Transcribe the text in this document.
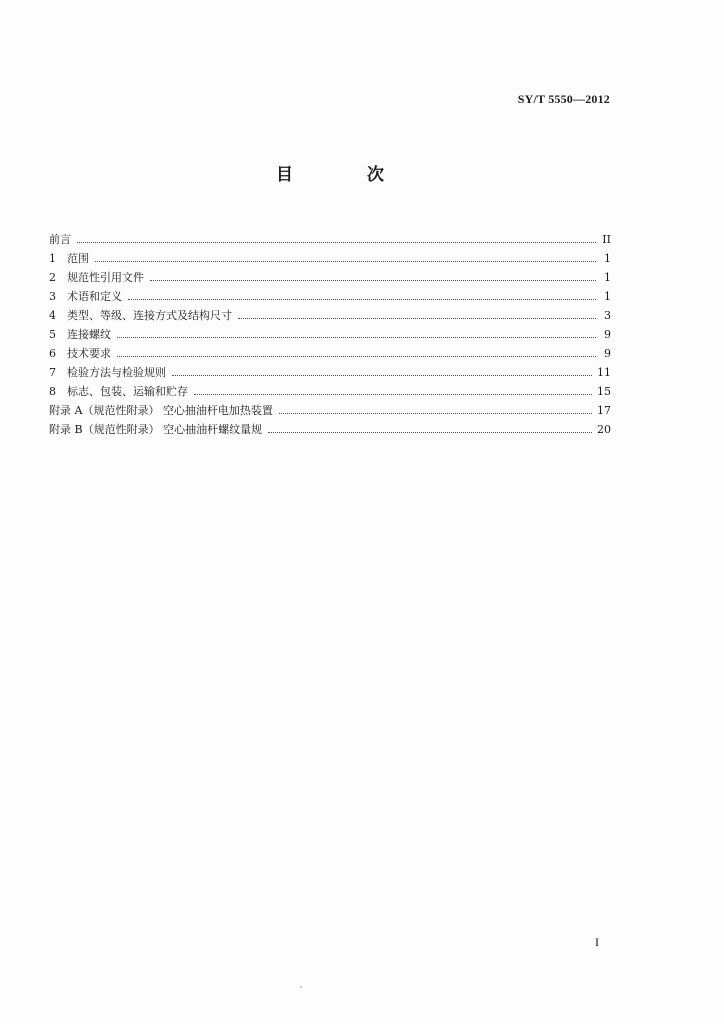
SY/T 5550—2012
目 次
前言	II
1	范围	1
2	规范性引用文件	1
3	术语和定义	1
4	类型、等级、连接方式及结构尺寸	3
5	连接螺纹	9
6	技术要求	9
7	检验方法与检验规则	11
8	标志、包装、运输和贮存	15
附录 A（规范性附录） 空心抽油杆电加热装置	17
附录 B（规范性附录） 空心抽油杆螺纹量规	20
I
